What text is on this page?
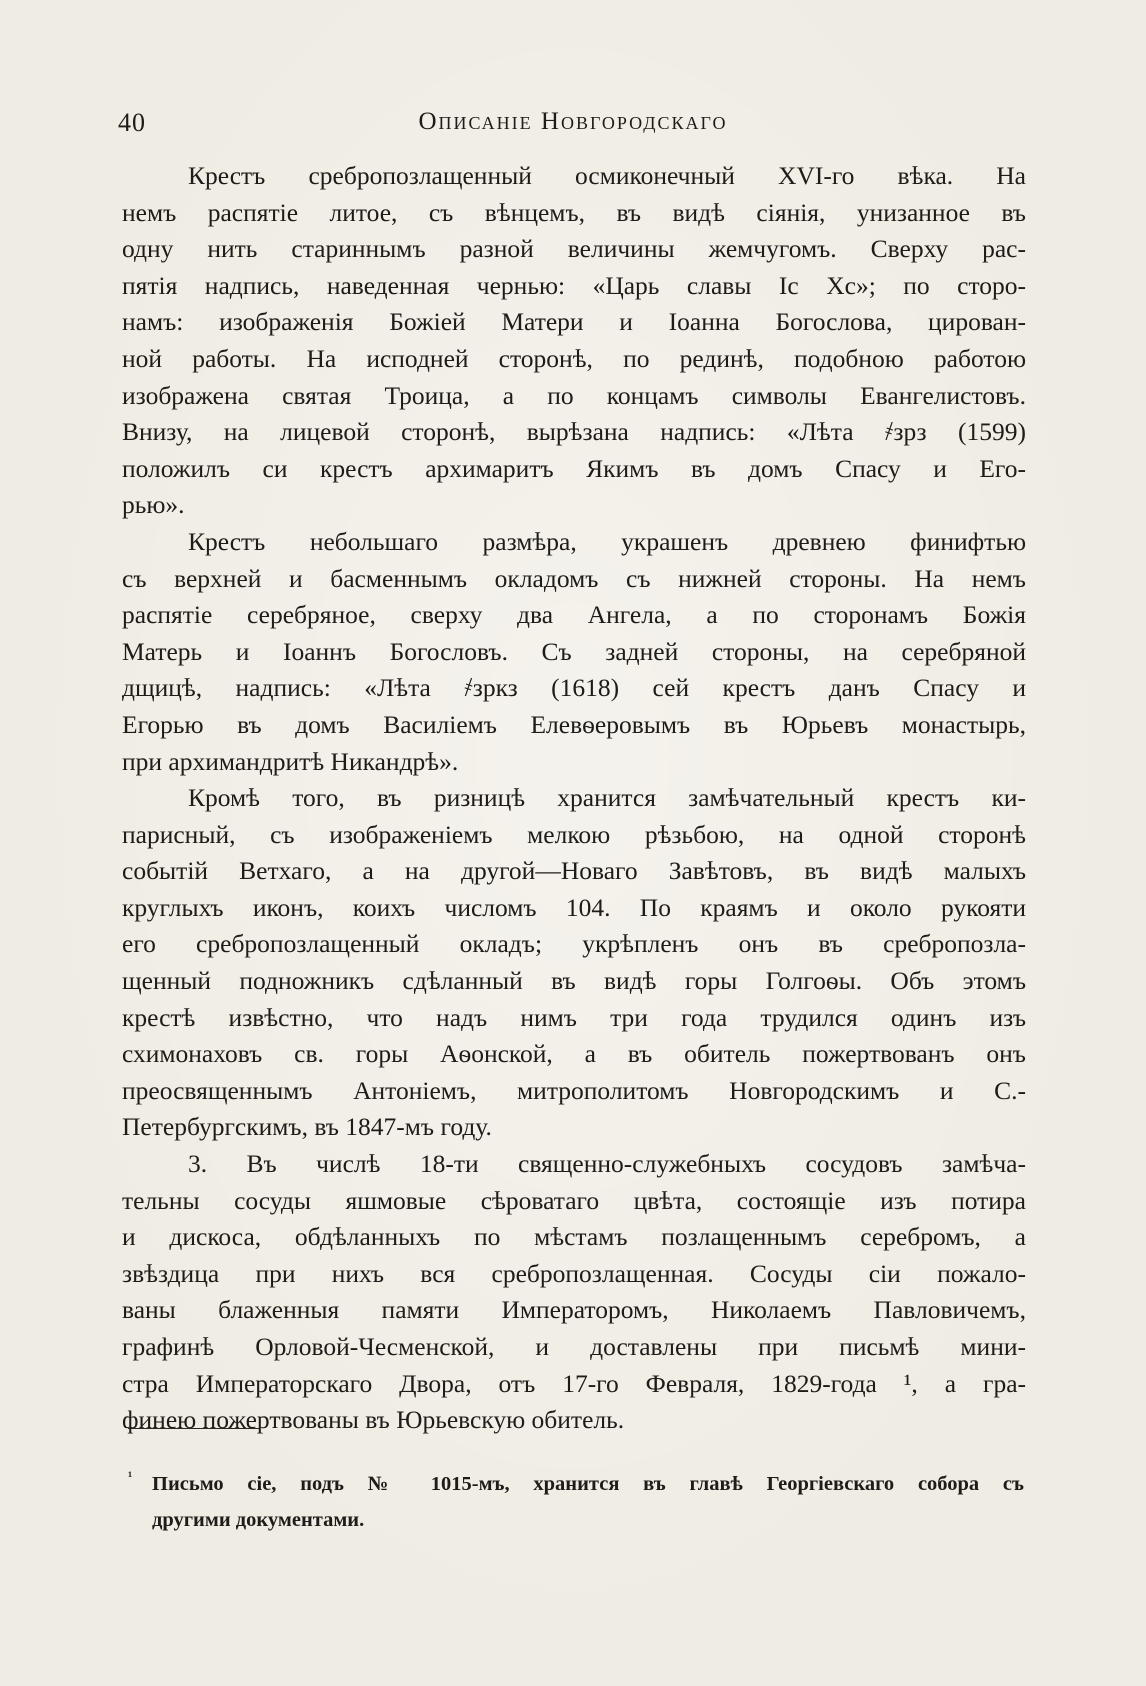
40	Описаніе Новгородскаго
Крестъ сребропозлащенный осмиконечный XVI-го вѣка. На
немъ распятіе литое, съ вѣнцемъ, въ видѣ сіянія, унизанное въ
одну нить стариннымъ разной величины жемчугомъ. Сверху рас-
пятія надпись, наведенная чернью: «Царь славы Іс Хс»; по сторо-
намъ: изображенія Божіей Матери и Іоанна Богослова, цирован-
ной работы. На исподней сторонѣ, по рединѣ, подобною работою
изображена святая Троица, а по концамъ символы Евангелистовъ.
Внизу, на лицевой сторонѣ, вырѣзана надпись: «Лѣта ҂зрз (1599)
положилъ си крестъ архимаритъ Якимъ въ домъ Спасу и Его-
рью».
Крестъ небольшаго размѣра, украшенъ древнею финифтью
съ верхней и басменнымъ окладомъ съ нижней стороны. На немъ
распятіе серебряное, сверху два Ангела, а по сторонамъ Божія
Матерь и Іоаннъ Богословъ. Съ задней стороны, на серебряной
дщицѣ, надпись: «Лѣта ҂зркз (1618) сей крестъ данъ Спасу и
Егорью въ домъ Василіемъ Елевѳеровымъ въ Юрьевъ монастырь,
при архимандритѣ Никандрѣ».
Кромѣ того, въ ризницѣ хранится замѣчательный крестъ ки-
парисный, съ изображеніемъ мелкою рѣзьбою, на одной сторонѣ
событій Ветхаго, а на другой—Новаго Завѣтовъ, въ видѣ малыхъ
круглыхъ иконъ, коихъ числомъ 104. По краямъ и около рукояти
его сребропозлащенный окладъ; укрѣпленъ онъ въ сребропозла-
щенный подножникъ сдѣланный въ видѣ горы Голгоѳы. Объ этомъ
крестѣ извѣстно, что надъ нимъ три года трудился одинъ изъ
схимонаховъ св. горы Аѳонской, а въ обитель пожертвованъ онъ
преосвященнымъ Антоніемъ, митрополитомъ Новгородскимъ и С.-
Петербургскимъ, въ 1847-мъ году.
3. Въ числѣ 18-ти священно-служебныхъ сосудовъ замѣча-
тельны сосуды яшмовые сѣроватаго цвѣта, состоящіе изъ потира
и дискоса, обдѣланныхъ по мѣстамъ позлащеннымъ серебромъ, а
звѣздица при нихъ вся сребропозлащенная. Сосуды сіи пожало-
ваны блаженныя памяти Императоромъ, Николаемъ Павловичемъ,
графинѣ Орловой-Чесменской, и доставлены при письмѣ мини-
стра Императорскаго Двора, отъ 17-го Февраля, 1829-года ¹, а гра-
финею пожертвованы въ Юрьевскую обитель.
¹ Письмо сіе, подъ № 1015-мъ, хранится въ главѣ Георгіевскаго собора съ
другими документами.
